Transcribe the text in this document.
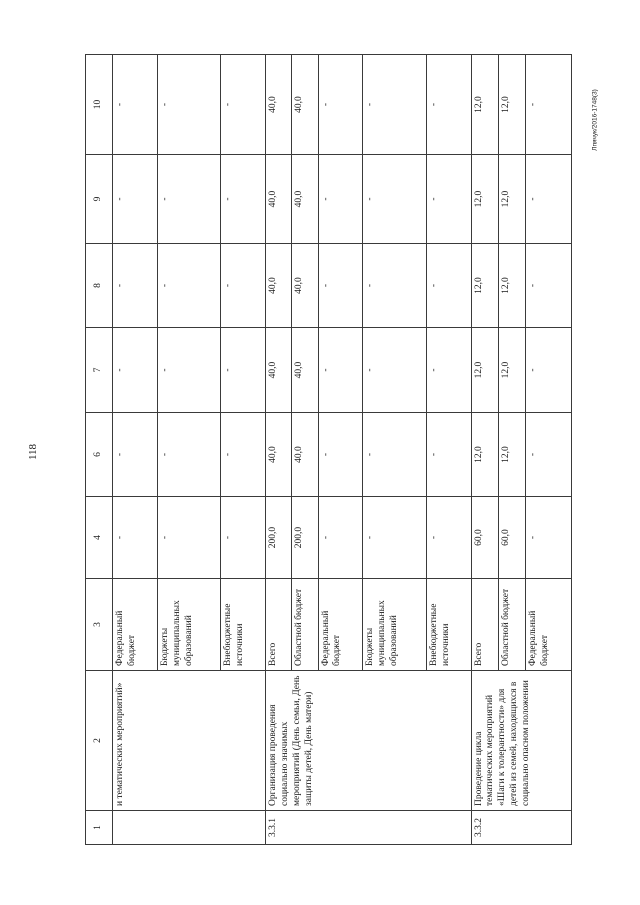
118
Лпячук/2016-1748(3)
1	2	3	4	6	7	8	9	10
	и тематических мероприятий»	Федеральный бюджет	-	-	-	-	-	-
		Бюджеты муниципальных образований	-	-	-	-	-	-
		Внебюджетные источники	-	-	-	-	-	-
3.3.1	Организация проведения социально значимых мероприятий (День семьи, День защиты детей, День матери)	Всего	200,0	40,0	40,0	40,0	40,0	40,0
		Областной бюджет	200,0	40,0	40,0	40,0	40,0	40,0
		Федеральный бюджет	-	-	-	-	-	-
		Бюджеты муниципальных образований	-	-	-	-	-	-
		Внебюджетные источники	-	-	-	-	-	-
3.3.2	Проведение цикла тематических мероприятий «Шаги к толерантности» для детей из семей, находящихся в социально опасном положении	Всего	60,0	12,0	12,0	12,0	12,0	12,0
		Областной бюджет	60,0	12,0	12,0	12,0	12,0	12,0
		Федеральный бюджет	-	-	-	-	-	-
